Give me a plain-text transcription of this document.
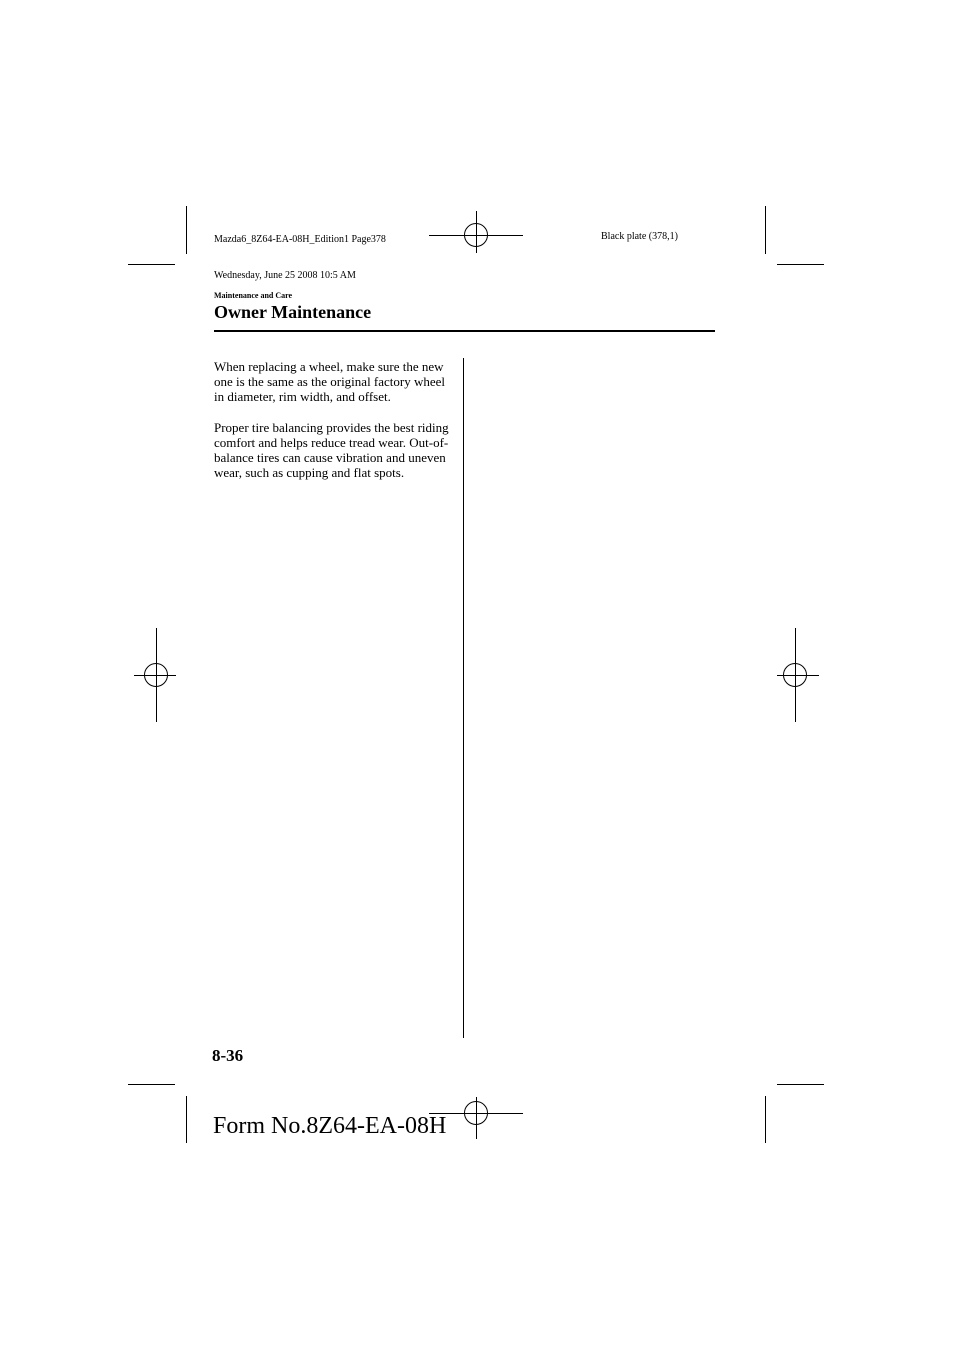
Mazda6_8Z64-EA-08H_Edition1 Page378

Wednesday, June 25 2008 10:5 AM

Black plate (378,1)
Maintenance and Care
Owner Maintenance

When replacing a wheel, make sure the new one is the same as the original factory wheel in diameter, rim width, and offset.

Proper tire balancing provides the best riding comfort and helps reduce tread wear. Out-of-balance tires can cause vibration and uneven wear, such as cupping and flat spots.

8-36
Form No.8Z64-EA-08H
